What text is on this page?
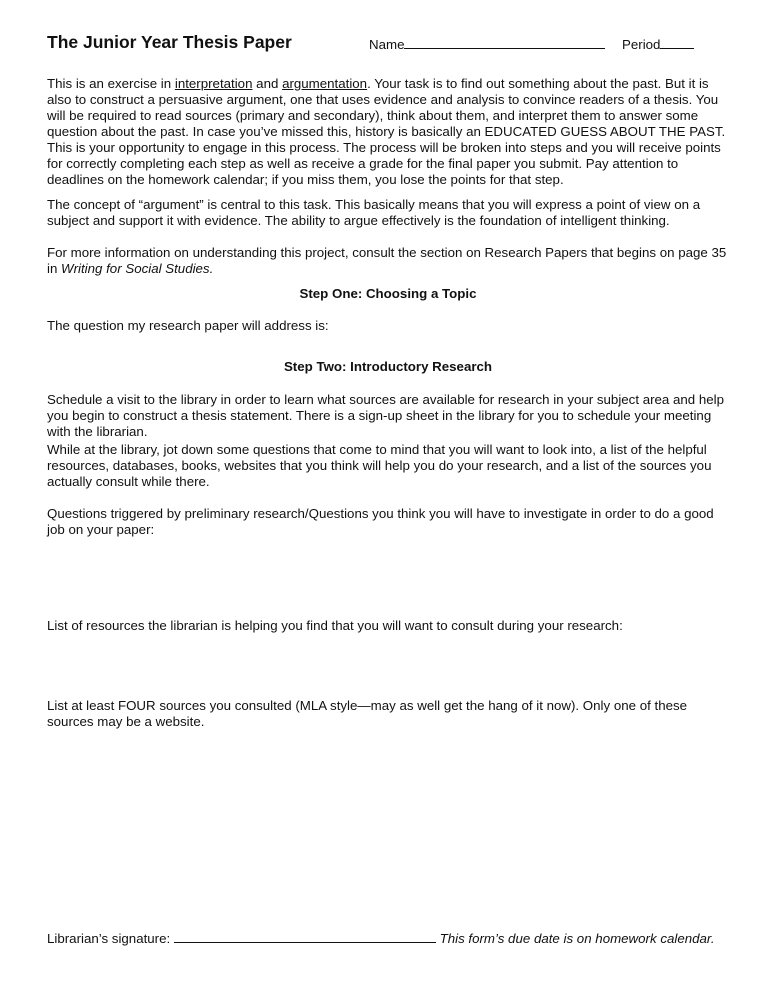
The Junior Year Thesis Paper	Name	Period

This is an exercise in interpretation and argumentation. Your task is to find out something about the past. But it is also to construct a persuasive argument, one that uses evidence and analysis to convince readers of a thesis. You will be required to read sources (primary and secondary), think about them, and interpret them to answer some question about the past. In case you’ve missed this, history is basically an EDUCATED GUESS ABOUT THE PAST. This is your opportunity to engage in this process. The process will be broken into steps and you will receive points for correctly completing each step as well as receive a grade for the final paper you submit. Pay attention to deadlines on the homework calendar; if you miss them, you lose the points for that step.

The concept of “argument” is central to this task. This basically means that you will express a point of view on a subject and support it with evidence. The ability to argue effectively is the foundation of intelligent thinking.

For more information on understanding this project, consult the section on Research Papers that begins on page 35 in Writing for Social Studies.

Step One: Choosing a Topic

The question my research paper will address is:

Step Two: Introductory Research

Schedule a visit to the library in order to learn what sources are available for research in your subject area and help you begin to construct a thesis statement. There is a sign-up sheet in the library for you to schedule your meeting with the librarian.

While at the library, jot down some questions that come to mind that you will want to look into, a list of the helpful resources, databases, books, websites that you think will help you do your research, and a list of the sources you actually consult while there.

Questions triggered by preliminary research/Questions you think you will have to investigate in order to do a good job on your paper:

List of resources the librarian is helping you find that you will want to consult during your research:

List at least FOUR sources you consulted (MLA style—may as well get the hang of it now). Only one of these sources may be a website.

Librarian’s signature:	This form’s due date is on homework calendar.
